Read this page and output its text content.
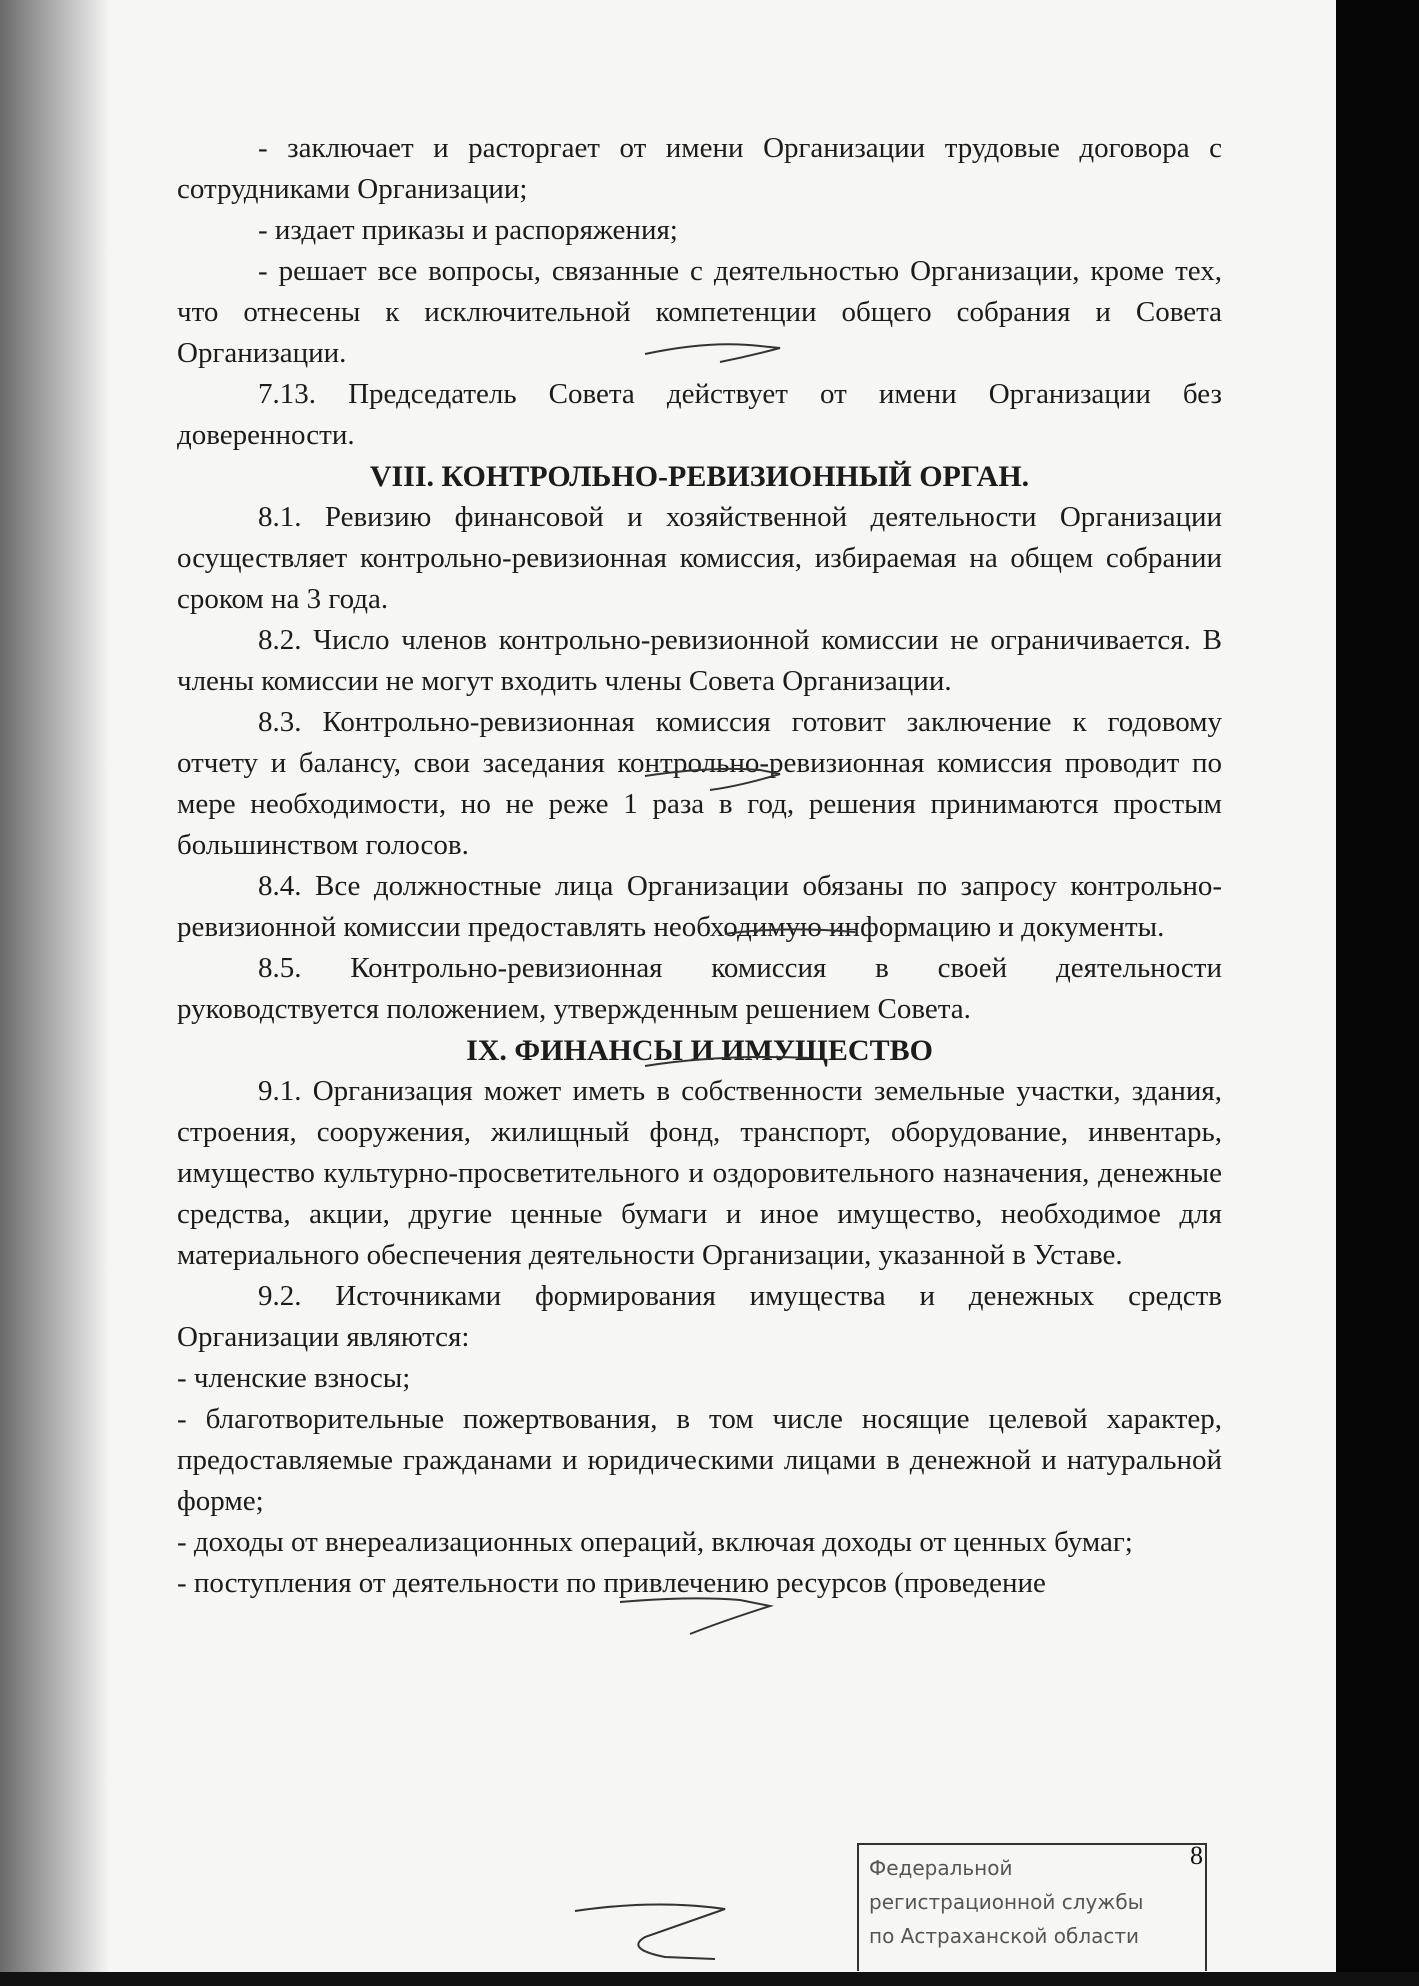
- заключает и расторгает от имени Организации трудовые договора с сотрудниками Организации;

- издает приказы и распоряжения;

- решает все вопросы, связанные с деятельностью Организации, кроме тех, что отнесены к исключительной компетенции общего собрания и Совета Организации.

7.13. Председатель Совета действует от имени Организации без доверенности.

VIII. КОНТРОЛЬНО-РЕВИЗИОННЫЙ ОРГАН.

8.1. Ревизию финансовой и хозяйственной деятельности Организации осуществляет контрольно-ревизионная комиссия, избираемая на общем собрании сроком на 3 года.

8.2. Число членов контрольно-ревизионной комиссии не ограничивается. В члены комиссии не могут входить члены Совета Организации.

8.3. Контрольно-ревизионная комиссия готовит заключение к годовому отчету и балансу, свои заседания контрольно-ревизионная комиссия проводит по мере необходимости, но не реже 1 раза в год, решения принимаются простым большинством голосов.

8.4. Все должностные лица Организации обязаны по запросу контрольно-ревизионной комиссии предоставлять необходимую информацию и документы.

8.5. Контрольно-ревизионная комиссия в своей деятельности руководствуется положением, утвержденным решением Совета.

IX. ФИНАНСЫ И ИМУЩЕСТВО

9.1. Организация может иметь в собственности земельные участки, здания, строения, сооружения, жилищный фонд, транспорт, оборудование, инвентарь, имущество культурно-просветительного и оздоровительного назначения, денежные средства, акции, другие ценные бумаги и иное имущество, необходимое для материального обеспечения деятельности Организации, указанной в Уставе.

9.2. Источниками формирования имущества и денежных средств Организации являются:

- членские взносы;

- благотворительные пожертвования, в том числе носящие целевой характер, предоставляемые гражданами и юридическими лицами в денежной и натуральной форме;

- доходы от внереализационных операций, включая доходы от ценных бумаг;

- поступления от деятельности по привлечению ресурсов (проведение

Федеральной
регистрационной службы
по Астраханской области
8
